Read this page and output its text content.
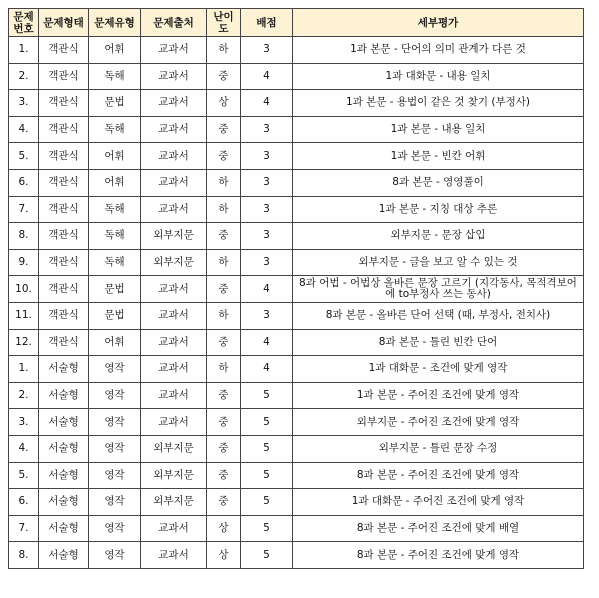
문제 번호	문제형태	문제유형	문제출처	난이도	배점	세부평가
1.	객관식	어휘	교과서	하	3	1과 본문 - 단어의 의미 관계가 다른 것
2.	객관식	독해	교과서	중	4	1과 대화문 - 내용 일치
3.	객관식	문법	교과서	상	4	1과 본문 - 용법이 같은 것 찾기 (부정사)
4.	객관식	독해	교과서	중	3	1과 본문 - 내용 일치
5.	객관식	어휘	교과서	중	3	1과 본문 - 빈칸 어휘
6.	객관식	어휘	교과서	하	3	8과 본문 - 영영풀이
7.	객관식	독해	교과서	하	3	1과 본문 - 지칭 대상 추론
8.	객관식	독해	외부지문	중	3	외부지문 - 문장 삽입
9.	객관식	독해	외부지문	하	3	외부지문 - 글을 보고 알 수 있는 것
10.	객관식	문법	교과서	중	4	8과 어법 - 어법상 올바른 문장 고르기 (지각동사, 목적격보어에 to부정사 쓰는 동사)
11.	객관식	문법	교과서	하	3	8과 본문 - 올바른 단어 선택 (때, 부정사, 전치사)
12.	객관식	어휘	교과서	중	4	8과 본문 - 틀린 빈칸 단어
1.	서술형	영작	교과서	하	4	1과 대화문 - 조건에 맞게 영작
2.	서술형	영작	교과서	중	5	1과 본문 - 주어진 조건에 맞게 영작
3.	서술형	영작	교과서	중	5	외부지문 - 주어진 조건에 맞게 영작
4.	서술형	영작	외부지문	중	5	외부지문 - 틀린 문장 수정
5.	서술형	영작	외부지문	중	5	8과 본문 - 주어진 조건에 맞게 영작
6.	서술형	영작	외부지문	중	5	1과 대화문 - 주어진 조건에 맞게 영작
7.	서술형	영작	교과서	상	5	8과 본문 - 주어진 조건에 맞게 배열
8.	서술형	영작	교과서	상	5	8과 본문 - 주어진 조건에 맞게 영작
